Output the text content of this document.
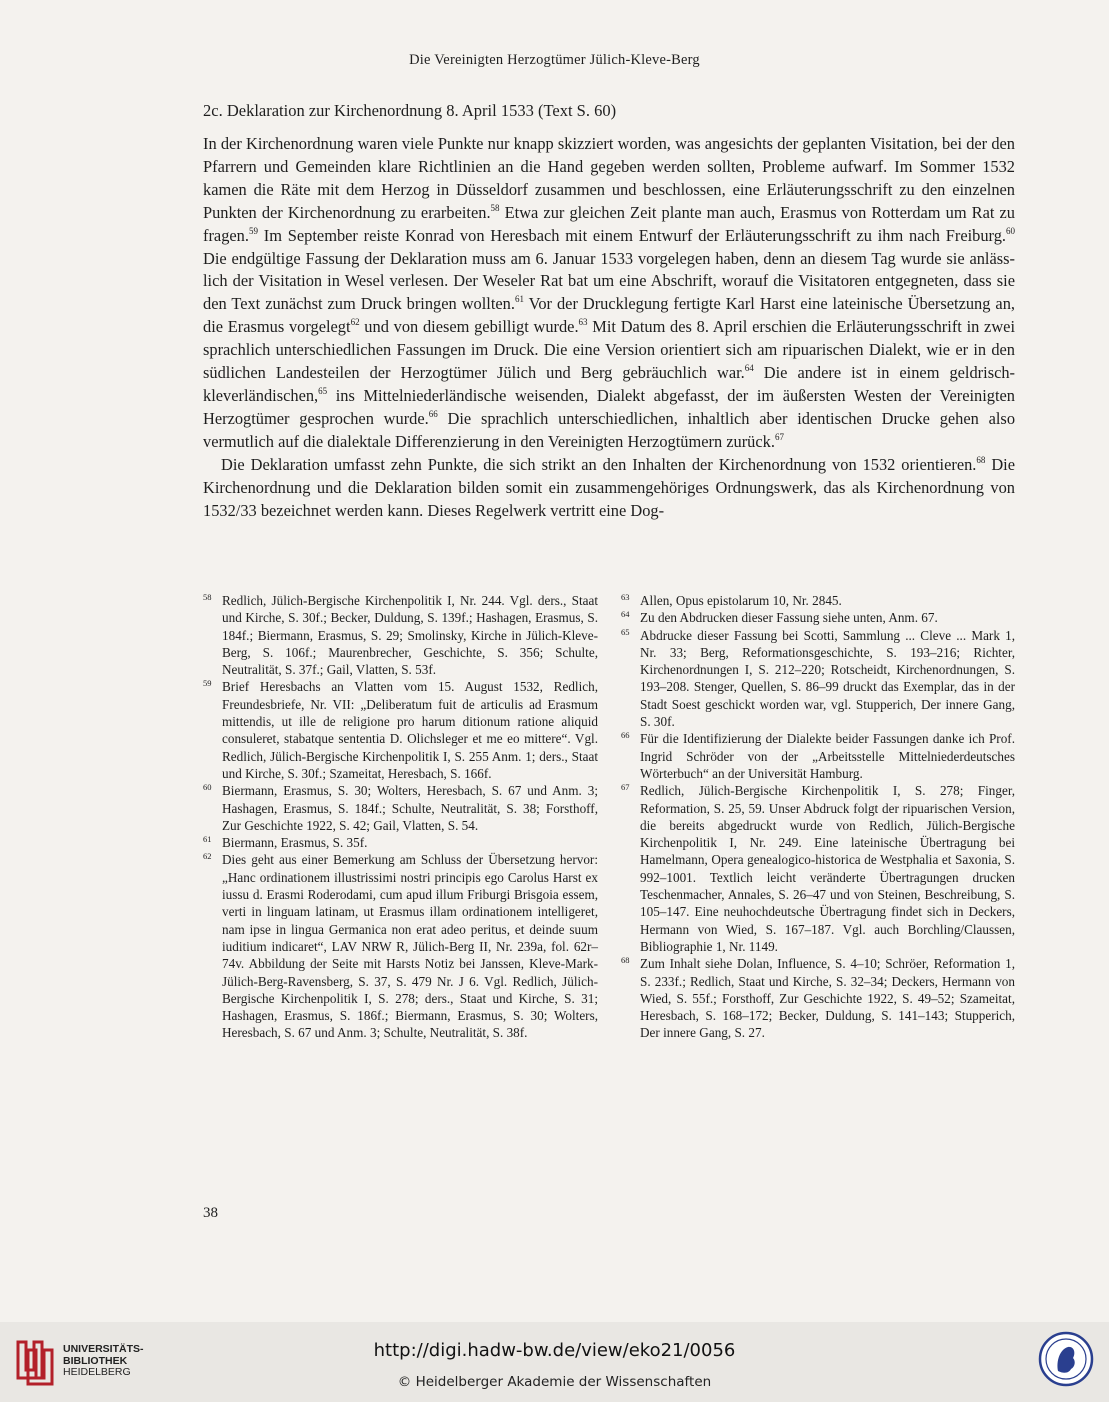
Die Vereinigten Herzogtümer Jülich-Kleve-Berg
2c. Deklaration zur Kirchenordnung 8. April 1533 (Text S. 60)

In der Kirchenordnung waren viele Punkte nur knapp skizziert worden, was angesichts der geplanten Visitation, bei der den Pfarrern und Gemeinden klare Richtlinien an die Hand gegeben werden sollten, Probleme aufwarf. Im Sommer 1532 kamen die Räte mit dem Herzog in Düsseldorf zusammen und beschlossen, eine Erläuterungsschrift zu den einzelnen Punkten der Kirchenordnung zu erarbeiten.$^{58}$ Etwa zur gleichen Zeit plante man auch, Erasmus von Rotterdam um Rat zu fragen.$^{59}$ Im September reiste Konrad von Heresbach mit einem Entwurf der Erläuterungsschrift zu ihm nach Freiburg.$^{60}$ Die endgültige Fassung der Deklaration muss am 6. Januar 1533 vorgelegen haben, denn an diesem Tag wurde sie anlässlich der Visitation in Wesel verlesen. Der Weseler Rat bat um eine Abschrift, worauf die Visitatoren entgegneten, dass sie den Text zunächst zum Druck bringen wollten.$^{61}$ Vor der Drucklegung fertigte Karl Harst eine lateinische Übersetzung an, die Erasmus vorgelegt$^{62}$ und von diesem gebilligt wurde.$^{63}$ Mit Datum des 8. April erschien die Erläuterungsschrift in zwei sprachlich unterschiedlichen Fassungen im Druck. Die eine Version orientiert sich am ripuarischen Dialekt, wie er in den südlichen Landesteilen der Herzogtümer Jülich und Berg gebräuchlich war.$^{64}$ Die andere ist in einem geldrisch-kleverländischen,$^{65}$ ins Mittelniederländische weisenden, Dialekt abgefasst, der im äußersten Westen der Vereinigten Herzogtümer gesprochen wurde.$^{66}$ Die sprachlich unterschiedlichen, inhaltlich aber identischen Drucke gehen also vermutlich auf die dialektale Differenzierung in den Vereinigten Herzogtümern zurück.$^{67}$

Die Deklaration umfasst zehn Punkte, die sich strikt an den Inhalten der Kirchenordnung von 1532 orientieren.$^{68}$ Die Kirchenordnung und die Deklaration bilden somit ein zusammengehöriges Ordnungswerk, das als Kirchenordnung von 1532/33 bezeichnet werden kann. Dieses Regelwerk vertritt eine Dog-

58 Redlich, Jülich-Bergische Kirchenpolitik I, Nr. 244. Vgl. ders., Staat und Kirche, S. 30f.; Becker, Duldung, S. 139f.; Hashagen, Erasmus, S. 184f.; Biermann, Erasmus, S. 29; Smolinsky, Kirche in Jülich-Kleve-Berg, S. 106f.; Maurenbrecher, Geschichte, S. 356; Schulte, Neutralität, S. 37f.; Gail, Vlatten, S. 53f.
59 Brief Heresbachs an Vlatten vom 15. August 1532, Redlich, Freundesbriefe, Nr. VII: „Deliberatum fuit de articulis ad Erasmum mittendis, ut ille de religione pro harum ditionum ratione aliquid consuleret, stabatque sententia D. Olichsleger et me eo mittere“. Vgl. Redlich, Jülich-Bergische Kirchenpolitik I, S. 255 Anm. 1; ders., Staat und Kirche, S. 30f.; Szameitat, Heresbach, S. 166f.
60 Biermann, Erasmus, S. 30; Wolters, Heresbach, S. 67 und Anm. 3; Hashagen, Erasmus, S. 184f.; Schulte, Neutralität, S. 38; Forsthoff, Zur Geschichte 1922, S. 42; Gail, Vlatten, S. 54.
61 Biermann, Erasmus, S. 35f.
62 Dies geht aus einer Bemerkung am Schluss der Übersetzung hervor: „Hanc ordinationem illustrissimi nostri principis ego Carolus Harst ex iussu d. Erasmi Roderodami, cum apud illum Friburgi Brisgoia essem, verti in linguam latinam, ut Erasmus illam ordinationem intelligeret, nam ipse in lingua Germanica non erat adeo peritus, et deinde suum iuditium indicaret“, LAV NRW R, Jülich-Berg II, Nr. 239a, fol. 62r–74v. Abbildung der Seite mit Harsts Notiz bei Janssen, Kleve-Mark-Jülich-Berg-Ravensberg, S. 37, S. 479 Nr. J 6. Vgl. Redlich, Jülich-Bergische Kirchenpolitik I, S. 278; ders., Staat und Kirche, S. 31; Hashagen, Erasmus, S. 186f.; Biermann, Erasmus, S. 30; Wolters, Heresbach, S. 67 und Anm. 3; Schulte, Neutralität, S. 38f.
63 Allen, Opus epistolarum 10, Nr. 2845.
64 Zu den Abdrucken dieser Fassung siehe unten, Anm. 67.
65 Abdrucke dieser Fassung bei Scotti, Sammlung ... Cleve ... Mark 1, Nr. 33; Berg, Reformationsgeschichte, S. 193–216; Richter, Kirchenordnungen I, S. 212–220; Rotscheidt, Kirchenordnungen, S. 193–208. Stenger, Quellen, S. 86–99 druckt das Exemplar, das in der Stadt Soest geschickt worden war, vgl. Stupperich, Der innere Gang, S. 30f.
66 Für die Identifizierung der Dialekte beider Fassungen danke ich Prof. Ingrid Schröder von der „Arbeitsstelle Mittelniederdeutsches Wörterbuch“ an der Universität Hamburg.
67 Redlich, Jülich-Bergische Kirchenpolitik I, S. 278; Finger, Reformation, S. 25, 59. Unser Abdruck folgt der ripuarischen Version, die bereits abgedruckt wurde von Redlich, Jülich-Bergische Kirchenpolitik I, Nr. 249. Eine lateinische Übertragung bei Hamelmann, Opera genealogico-historica de Westphalia et Saxonia, S. 992–1001. Textlich leicht veränderte Übertragungen drucken Teschenmacher, Annales, S. 26–47 und von Steinen, Beschreibung, S. 105–147. Eine neuhochdeutsche Übertragung findet sich in Deckers, Hermann von Wied, S. 167–187. Vgl. auch Borchling/Claussen, Bibliographie 1, Nr. 1149.
68 Zum Inhalt siehe Dolan, Influence, S. 4–10; Schröer, Reformation 1, S. 233f.; Redlich, Staat und Kirche, S. 32–34; Deckers, Hermann von Wied, S. 55f.; Forsthoff, Zur Geschichte 1922, S. 49–52; Szameitat, Heresbach, S. 168–172; Becker, Duldung, S. 141–143; Stupperich, Der innere Gang, S. 27.
38
UNIVERSITÄTS-
BIBLIOTHEK
HEIDELBERG
http://digi.hadw-bw.de/view/eko21/0056
© Heidelberger Akademie der Wissenschaften
